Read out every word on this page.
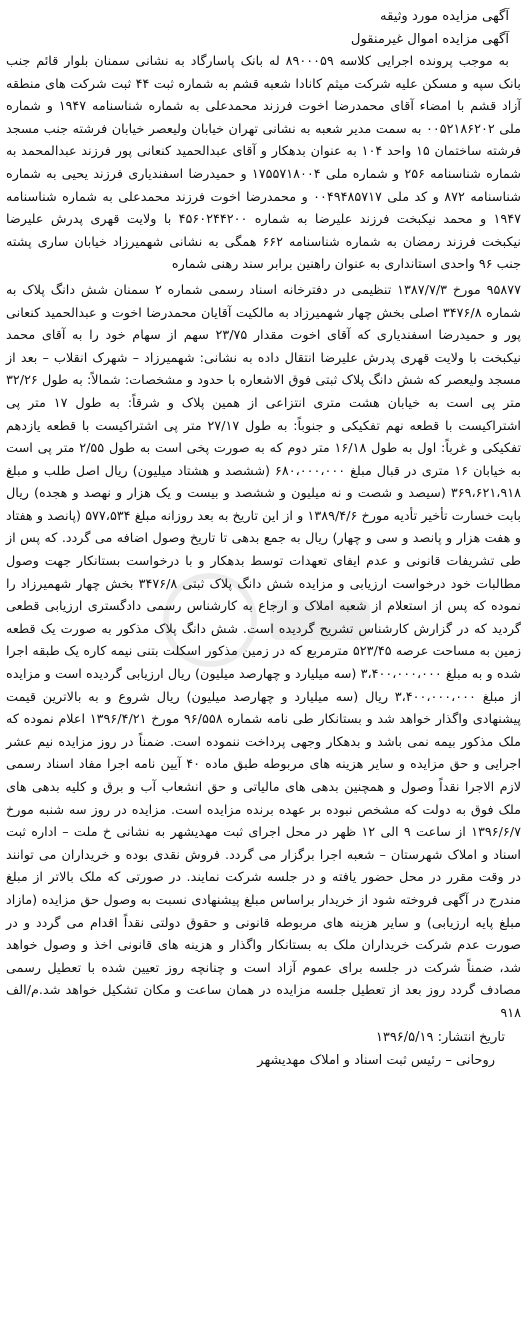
آگهی مزایده مورد وثیقه

آگهی مزایده اموال غیرمنقول

به موجب پرونده اجرایی کلاسه ۸۹۰۰۰۵۹ له بانک پاسارگاد به نشانی سمنان بلوار قائم جنب بانک سپه و مسکن علیه شرکت میثم کانادا شعبه قشم به شماره ثبت ۴۴ ثبت شرکت های منطقه آزاد قشم با امضاء آقای محمدرضا اخوت فرزند محمدعلی به شماره شناسنامه ۱۹۴۷ و شماره ملی ۰۰۵۲۱۸۶۲۰۲ به سمت مدیر شعبه به نشانی تهران خیابان ولیعصر خیابان فرشته جنب مسجد فرشته ساختمان ۱۵ واحد ۱۰۴ به عنوان بدهکار و آقای عبدالحمید کنعانی پور فرزند عبدالمحمد به شماره شناسنامه ۲۵۶ و شماره ملی ۱۷۵۵۷۱۸۰۰۴ و حمیدرضا اسفندیاری فرزند یحیی به شماره شناسنامه ۸۷۲ و کد ملی ۰۰۴۹۴۸۵۷۱۷ و محمدرضا اخوت فرزند محمدعلی به شماره شناسنامه ۱۹۴۷ و محمد نیکبخت فرزند علیرضا به شماره ۴۵۶۰۲۴۴۲۰۰ با ولایت قهری پدرش علیرضا نیکبخت فرزند رمضان به شماره شناسنامه ۶۶۲ همگی به نشانی شهمیرزاد خیابان ساری پشته جنب ۹۶ واحدی استانداری به عنوان راهنین برابر سند رهنی شماره

۹۵۸۷۷ مورخ ۱۳۸۷/۷/۳ تنظیمی در دفترخانه اسناد رسمی شماره ۲ سمنان شش دانگ پلاک به شماره ۳۴۷۶/۸ اصلی بخش چهار شهمیرزاد به مالکیت آقایان محمدرضا اخوت و عبدالحمید کنعانی پور و حمیدرضا اسفندیاری که آقای اخوت مقدار ۲۳/۷۵ سهم از سهام خود را به آقای محمد نیکبخت با ولایت قهری پدرش علیرضا انتقال داده به نشانی: شهمیرزاد – شهرک انقلاب – بعد از مسجد ولیعصر که شش دانگ پلاک ثبتی فوق الاشعاره با حدود و مشخصات: شمالاً: به طول ۳۲/۲۶ متر پی است به خیابان هشت متری انتزاعی از همین پلاک و شرقاً: به طول ۱۷ متر پی اشتراکیست با قطعه نهم تفکیکی و جنوباً: به طول ۲۷/۱۷ متر پی اشتراکیست با قطعه یازدهم تفکیکی و غرباً: اول به طول ۱۶/۱۸ متر دوم که به صورت پخی است به طول ۲/۵۵ متر پی است به خیابان ۱۶ متری در قبال مبلغ ۶۸۰،۰۰۰،۰۰۰ (ششصد و هشتاد میلیون) ریال اصل طلب و مبلغ ۳۶۹،۶۲۱،۹۱۸ (سیصد و شصت و نه میلیون و ششصد و بیست و یک هزار و نهصد و هجده) ریال بابت خسارت تأخیر تأدیه مورخ ۱۳۸۹/۴/۶ و از این تاریخ به بعد روزانه مبلغ ۵۷۷،۵۳۴ (پانصد و هفتاد و هفت هزار و پانصد و سی و چهار) ریال به جمع بدهی تا تاریخ وصول اضافه می گردد. که پس از طی تشریفات قانونی و عدم ایفای تعهدات توسط بدهکار و با درخواست بستانکار جهت وصول مطالبات خود درخواست ارزیابی و مزایده شش دانگ پلاک ثبتی ۳۴۷۶/۸ بخش چهار شهمیرزاد را نموده که پس از استعلام از شعبه املاک و ارجاع به کارشناس رسمی دادگستری ارزیابی قطعی گردید که در گزارش کارشناس تشریح گردیده است. شش دانگ پلاک مذکور به صورت یک قطعه زمین به مساحت عرصه ۵۲۳/۴۵ مترمربع که در زمین مذکور اسکلت بتنی نیمه کاره یک طبقه اجرا شده و به مبلغ ۳،۴۰۰،۰۰۰،۰۰۰ (سه میلیارد و چهارصد میلیون) ریال ارزیابی گردیده است و مزایده از مبلغ ۳،۴۰۰،۰۰۰،۰۰۰ ریال (سه میلیارد و چهارصد میلیون) ریال شروع و به بالاترین قیمت پیشنهادی واگذار خواهد شد و بستانکار طی نامه شماره ۹۶/۵۵۸ مورخ ۱۳۹۶/۴/۲۱ اعلام نموده که ملک مذکور بیمه نمی باشد و بدهکار وجهی پرداخت ننموده است. ضمناً در روز مزایده نیم عشر اجرایی و حق مزایده و سایر هزینه های مربوطه طبق ماده ۴۰ آیین نامه اجرا مفاد اسناد رسمی لازم الاجرا نقداً وصول و همچنین بدهی های مالیاتی و حق انشعاب آب و برق و کلیه بدهی های ملک فوق به دولت که مشخص نبوده بر عهده برنده مزایده است. مزایده در روز سه شنبه مورخ ۱۳۹۶/۶/۷ از ساعت ۹ الی ۱۲ ظهر در محل اجرای ثبت مهدیشهر به نشانی خ ملت – اداره ثبت اسناد و املاک شهرستان – شعبه اجرا برگزار می گردد. فروش نقدی بوده و خریداران می توانند در وقت مقرر در محل حضور یافته و در جلسه شرکت نمایند. در صورتی که ملک بالاتر از مبلغ مندرج در آگهی فروخته شود از خریدار براساس مبلغ پیشنهادی نسبت به وصول حق مزایده (مازاد مبلغ پایه ارزیابی) و سایر هزینه های مربوطه قانونی و حقوق دولتی نقداً اقدام می گردد و در صورت عدم شرکت خریداران ملک به بستانکار واگذار و هزینه های قانونی اخذ و وصول خواهد شد، ضمناً شرکت در جلسه برای عموم آزاد است و چنانچه روز تعیین شده با تعطیل رسمی مصادف گردد روز بعد از تعطیل جلسه مزایده در همان ساعت و مکان تشکیل خواهد شد.م/الف ۹۱۸

تاریخ انتشار: ۱۳۹۶/۵/۱۹

روحانی – رئیس ثبت اسناد و املاک مهدیشهر
